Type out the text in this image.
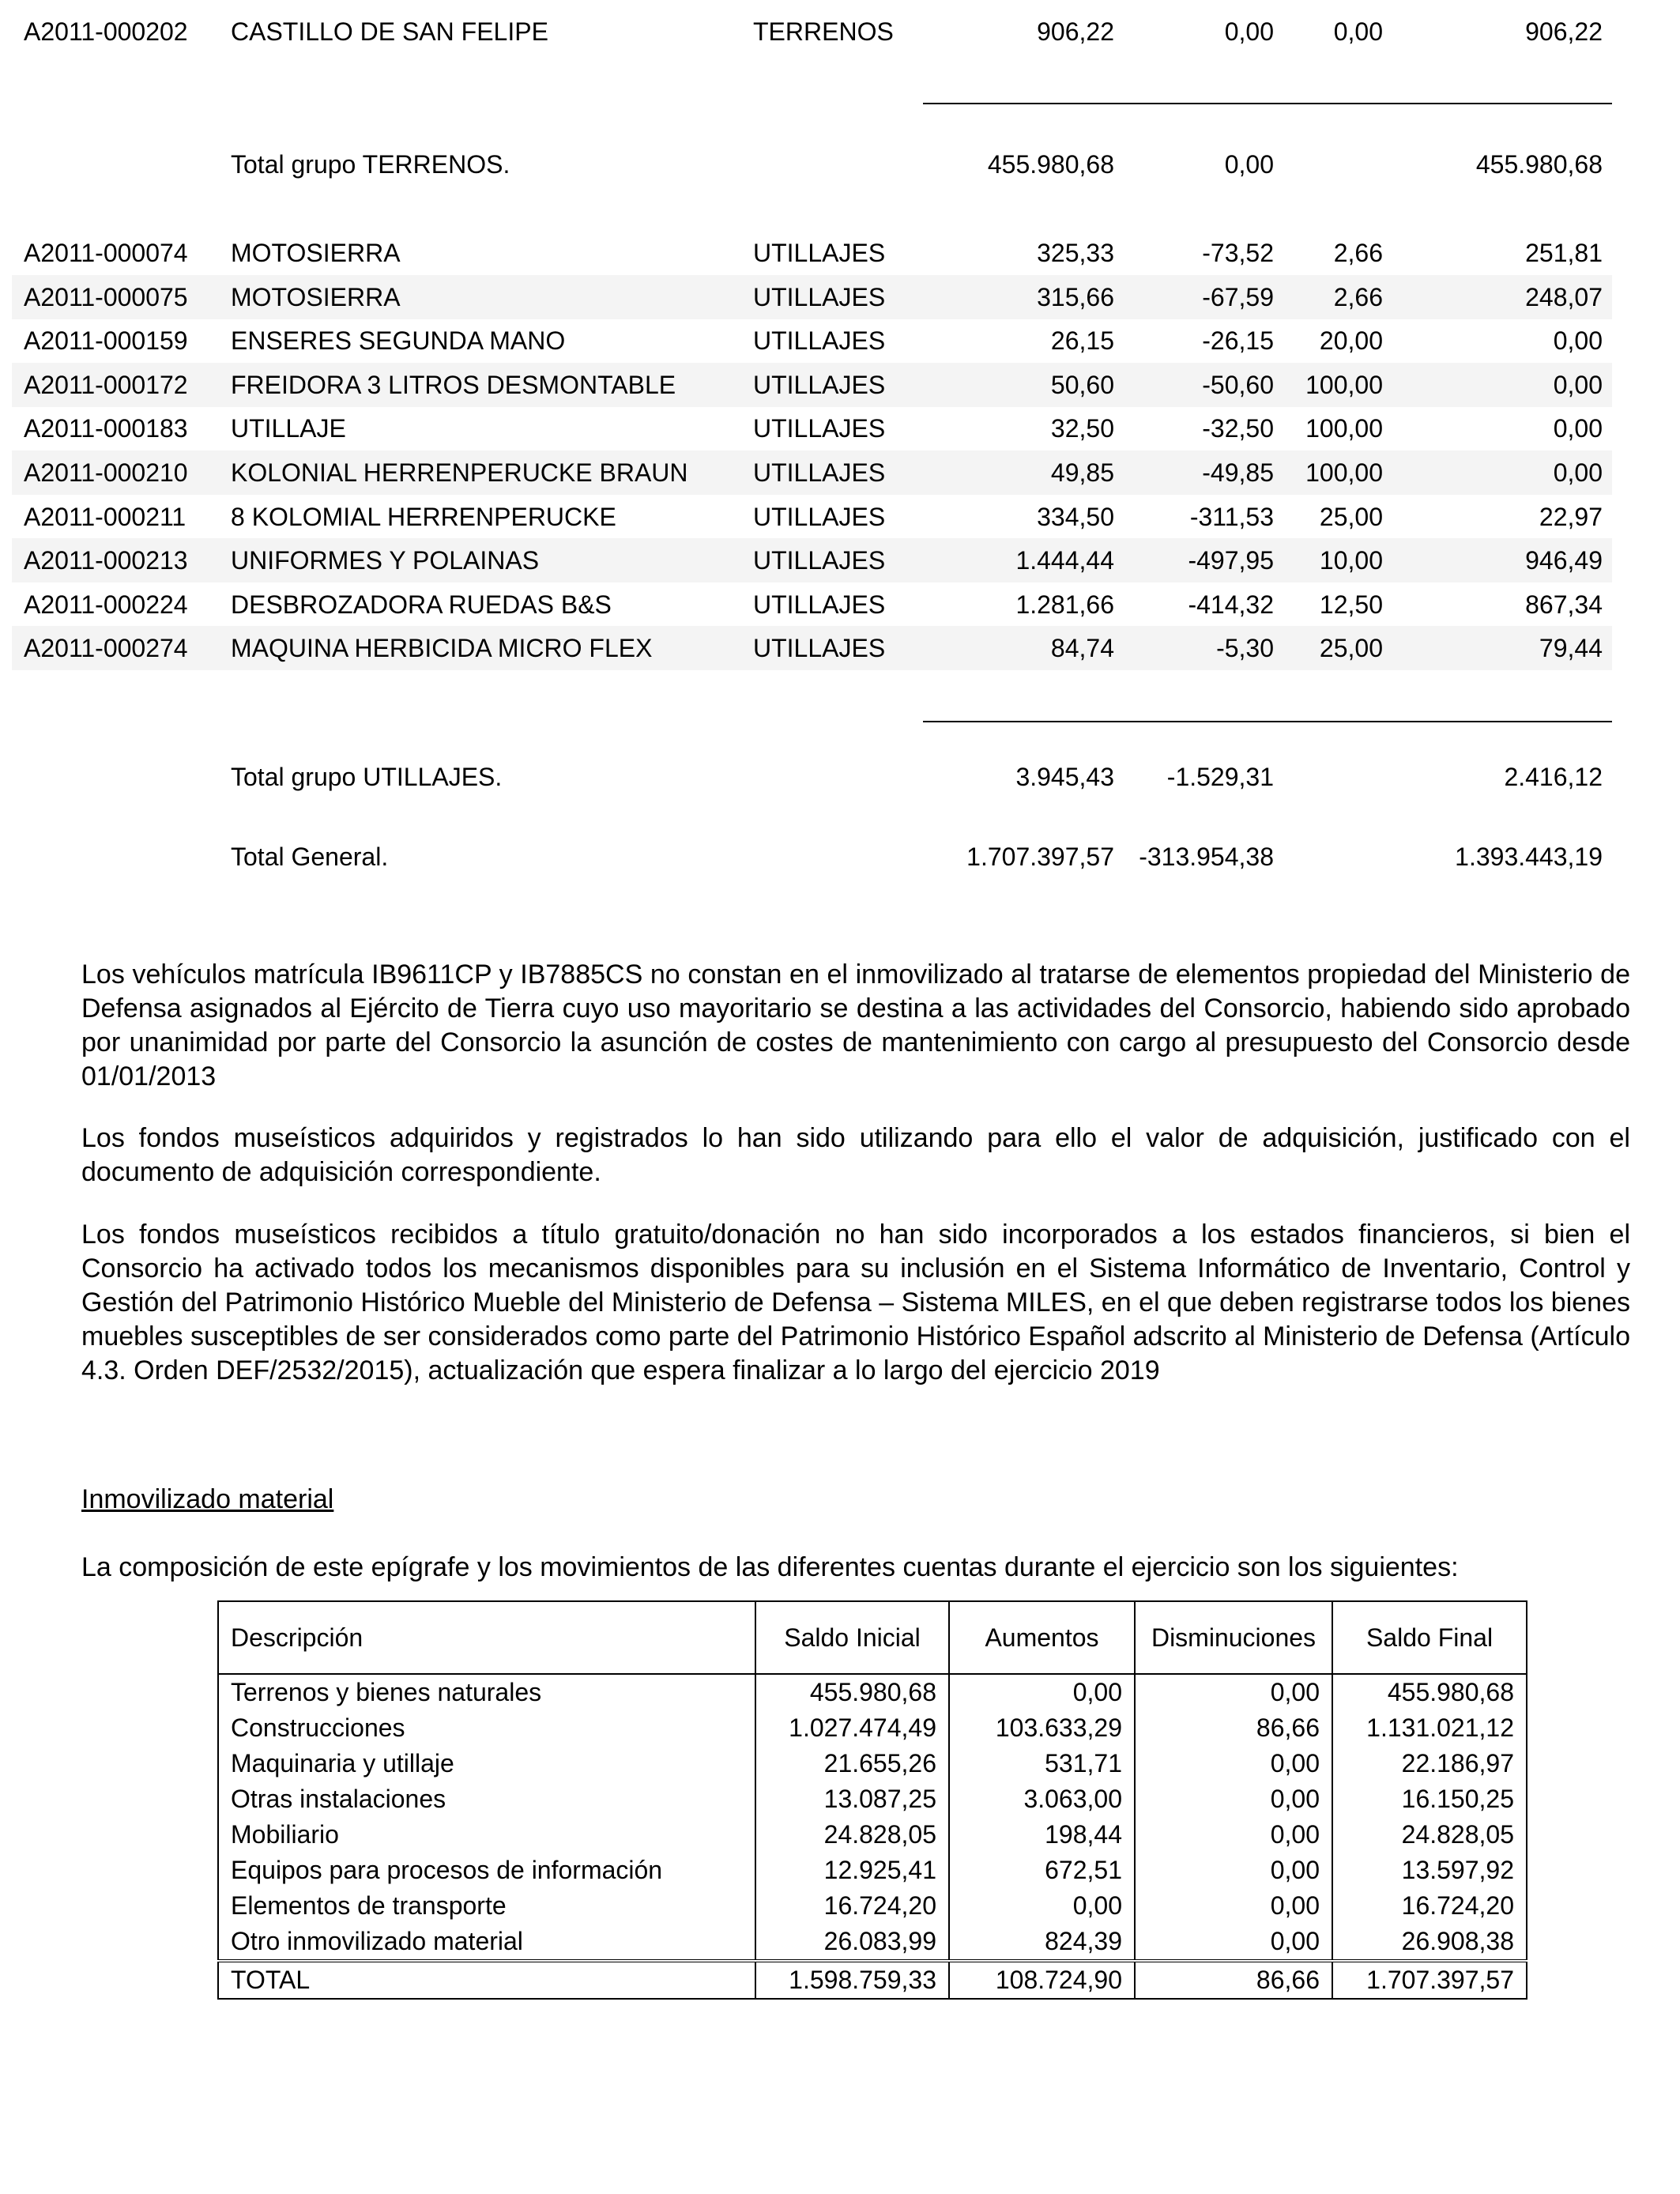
A2011-000202 CASTILLO DE SAN FELIPE	TERRENOS	906,22	0,00 0,00	906,22
Total grupo TERRENOS.	455.980,68	0,00	455.980,68
A2011-000074 MOTOSIERRA	UTILLAJES	325,33	-73,52 2,66	251,81
A2011-000075 MOTOSIERRA	UTILLAJES	315,66	-67,59 2,66	248,07
A2011-000159 ENSERES SEGUNDA MANO	UTILLAJES	26,15	-26,15 20,00	0,00
A2011-000172 FREIDORA 3 LITROS DESMONTABLE	UTILLAJES	50,60	-50,60 100,00	0,00
A2011-000183 UTILLAJE	UTILLAJES	32,50	-32,50 100,00	0,00
A2011-000210 KOLONIAL HERRENPERUCKE BRAUN	UTILLAJES	49,85	-49,85 100,00	0,00
A2011-000211 8 KOLOMIAL HERRENPERUCKE	UTILLAJES	334,50	-311,53 25,00	22,97
A2011-000213 UNIFORMES Y POLAINAS	UTILLAJES	1.444,44	-497,95 10,00	946,49
A2011-000224 DESBROZADORA RUEDAS B&S	UTILLAJES	1.281,66	-414,32 12,50	867,34
A2011-000274 MAQUINA HERBICIDA MICRO FLEX	UTILLAJES	84,74	-5,30 25,00	79,44
Total grupo UTILLAJES.	3.945,43 -1.529,31	2.416,12
Total General.	1.707.397,57 -313.954,38	1.393.443,19

Los vehículos matrícula IB9611CP y IB7885CS no constan en el inmovilizado al tratarse de elementos propiedad del Ministerio de Defensa asignados al Ejército de Tierra cuyo uso mayoritario se destina a las actividades del Consorcio, habiendo sido aprobado por unanimidad por parte del Consorcio la asunción de costes de mantenimiento con cargo al presupuesto del Consorcio desde 01/01/2013

Los fondos museísticos adquiridos y registrados lo han sido utilizando para ello el valor de adquisición, justificado con el documento de adquisición correspondiente.

Los fondos museísticos recibidos a título gratuito/donación no han sido incorporados a los estados financieros, si bien el Consorcio ha activado todos los mecanismos disponibles para su inclusión en el Sistema Informático de Inventario, Control y Gestión del Patrimonio Histórico Mueble del Ministerio de Defensa – Sistema MILES, en el que deben registrarse todos los bienes muebles susceptibles de ser considerados como parte del Patrimonio Histórico Español adscrito al Ministerio de Defensa (Artículo 4.3. Orden DEF/2532/2015), actualización que espera finalizar a lo largo del ejercicio 2019

Inmovilizado material

La composición de este epígrafe y los movimientos de las diferentes cuentas durante el ejercicio son los siguientes:

Descripción	Saldo Inicial	Aumentos	Disminuciones	Saldo Final
Terrenos y bienes naturales	455.980,68	0,00	0,00	455.980,68
Construcciones	1.027.474,49	103.633,29	86,66	1.131.021,12
Maquinaria y utillaje	21.655,26	531,71	0,00	22.186,97
Otras instalaciones	13.087,25	3.063,00	0,00	16.150,25
Mobiliario	24.828,05	198,44	0,00	24.828,05
Equipos para procesos de información	12.925,41	672,51	0,00	13.597,92
Elementos de transporte	16.724,20	0,00	0,00	16.724,20
Otro inmovilizado material	26.083,99	824,39	0,00	26.908,38
TOTAL	1.598.759,33	108.724,90	86,66	1.707.397,57
